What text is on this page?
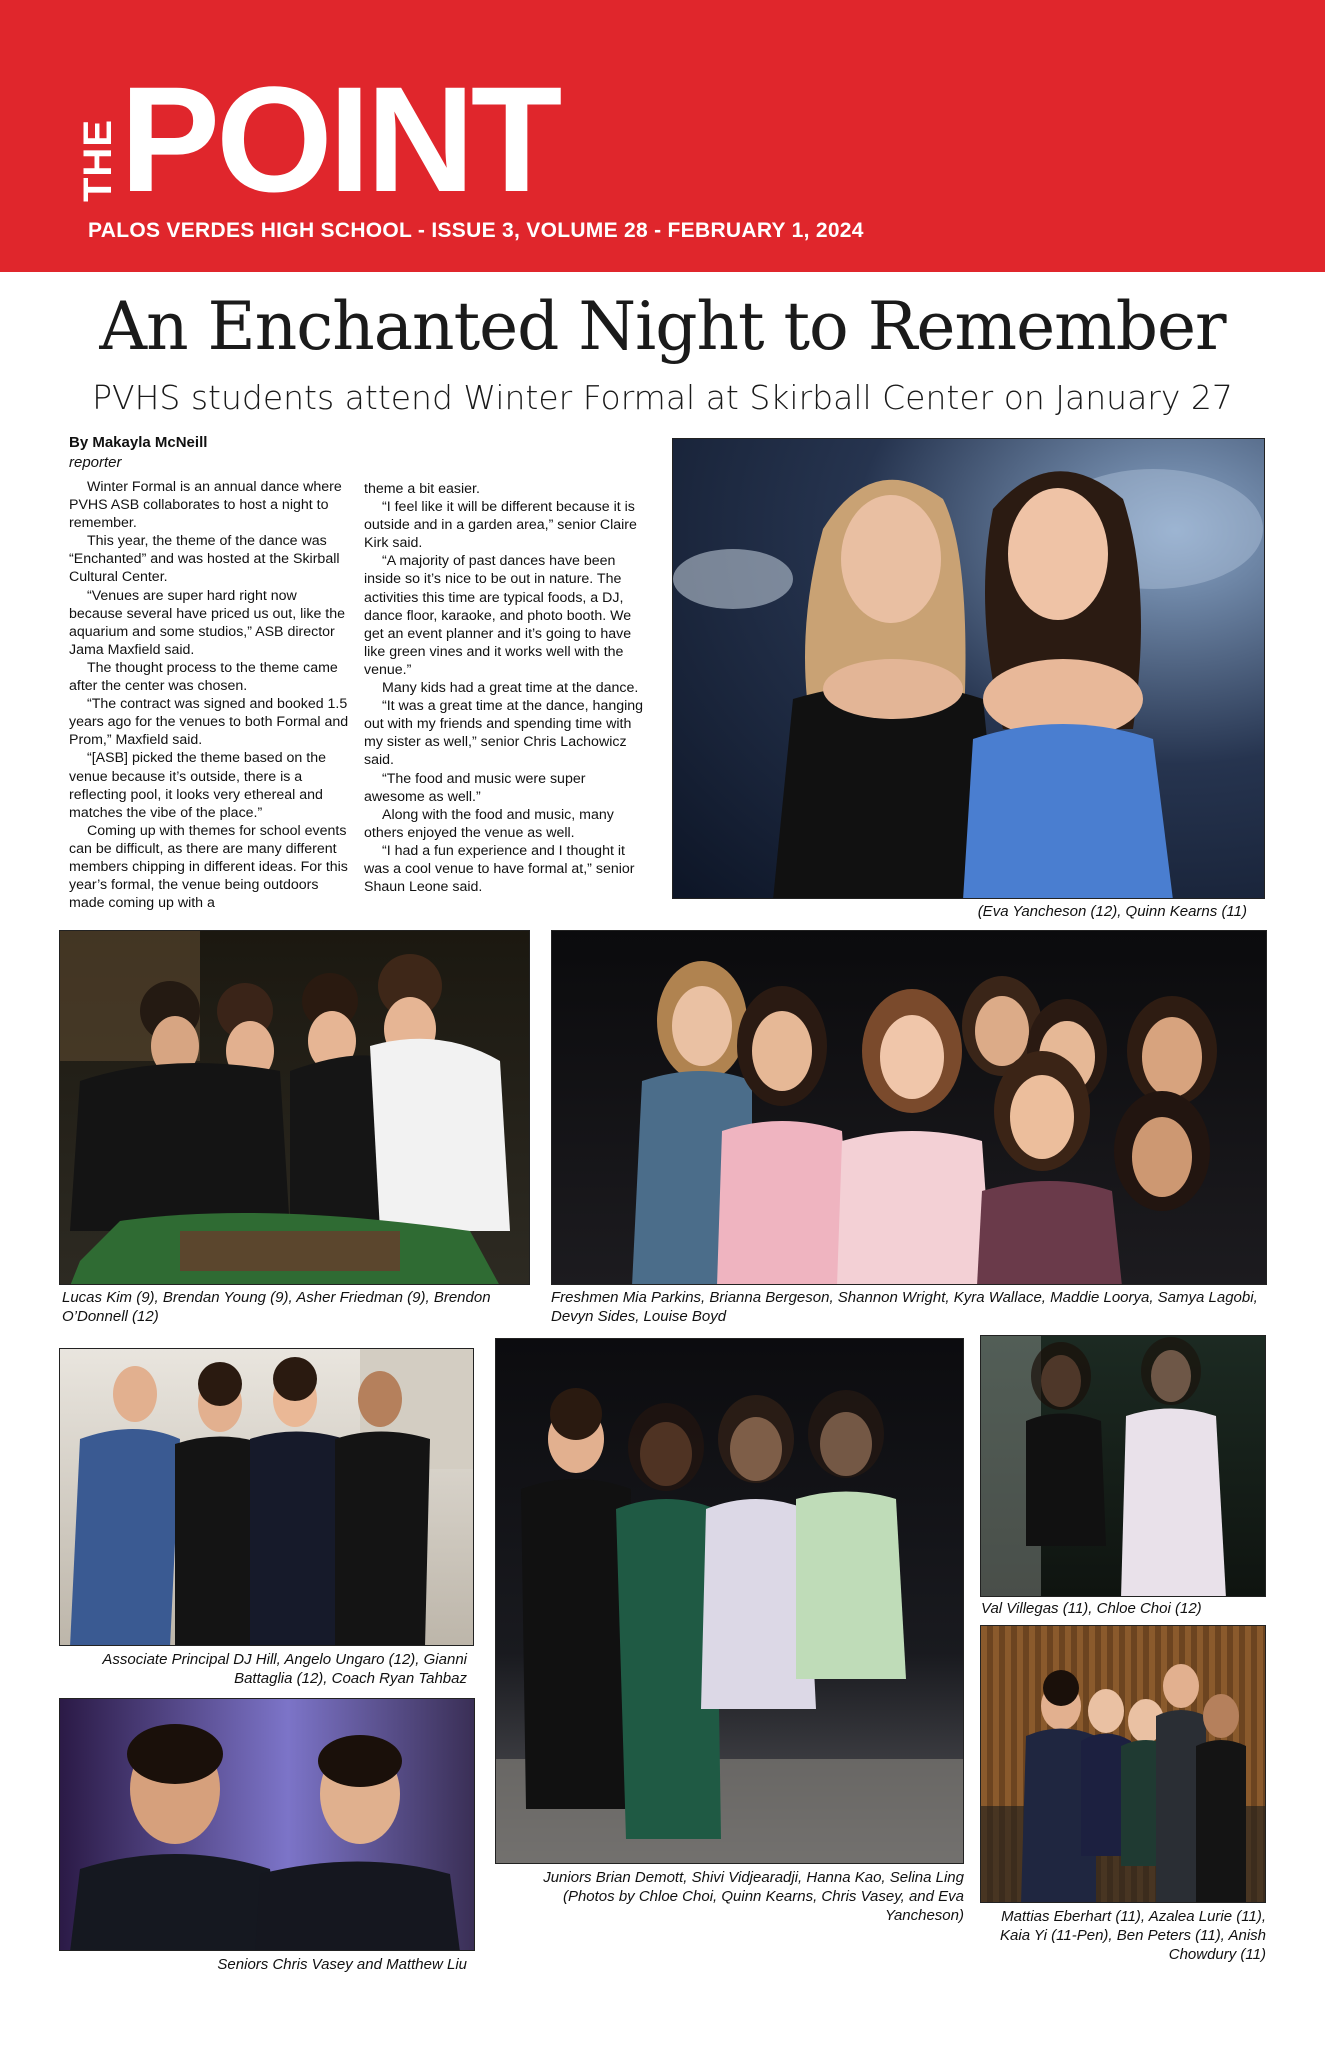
THE POINT
PALOS VERDES HIGH SCHOOL - ISSUE 3, VOLUME 28 - FEBRUARY 1, 2024
An Enchanted Night to Remember
PVHS students attend Winter Formal at Skirball Center on January 27
By Makayla McNeill
reporter

Winter Formal is an annual dance where PVHS ASB collaborates to host a night to remember.

This year, the theme of the dance was “Enchanted” and was hosted at the Skirball Cultural Center.

“Venues are super hard right now because several have priced us out, like the aquarium and some studios,” ASB director Jama Maxfield said.

The thought process to the theme came after the center was chosen.

“The contract was signed and booked 1.5 years ago for the venues to both Formal and Prom,” Maxfield said.

“[ASB] picked the theme based on the venue because it’s outside, there is a reflecting pool, it looks very ethereal and matches the vibe of the place.”

Coming up with themes for school events can be difficult, as there are many different members chipping in different ideas. For this year’s formal, the venue being outdoors made coming up with a

theme a bit easier.

“I feel like it will be different because it is outside and in a garden area,” senior Claire Kirk said.

“A majority of past dances have been inside so it’s nice to be out in nature. The activities this time are typical foods, a DJ, dance floor, karaoke, and photo booth. We get an event planner and it’s going to have like green vines and it works well with the venue.”

Many kids had a great time at the dance.

“It was a great time at the dance, hanging out with my friends and spending time with my sister as well,” senior Chris Lachowicz said.

“The food and music were super awesome as well.”

Along with the food and music, many others enjoyed the venue as well.

“I had a fun experience and I thought it was a cool venue to have formal at,” senior Shaun Leone said.

(Eva Yancheson (12), Quinn Kearns (11)
Lucas Kim (9), Brendan Young (9), Asher Friedman (9), Brendon O’Donnell (12)
Freshmen Mia Parkins, Brianna Bergeson, Shannon Wright, Kyra Wallace, Maddie Loorya, Samya Lagobi, Devyn Sides, Louise Boyd
Associate Principal DJ Hill, Angelo Ungaro (12), Gianni Battaglia (12), Coach Ryan Tahbaz
Juniors Brian Demott, Shivi Vidjearadji, Hanna Kao, Selina Ling (Photos by Chloe Choi, Quinn Kearns, Chris Vasey, and Eva Yancheson)
Val Villegas (11), Chloe Choi (12)
Seniors Chris Vasey and Matthew Liu
Mattias Eberhart (11), Azalea Lurie (11), Kaia Yi (11-Pen), Ben Peters (11), Anish Chowdury (11)
